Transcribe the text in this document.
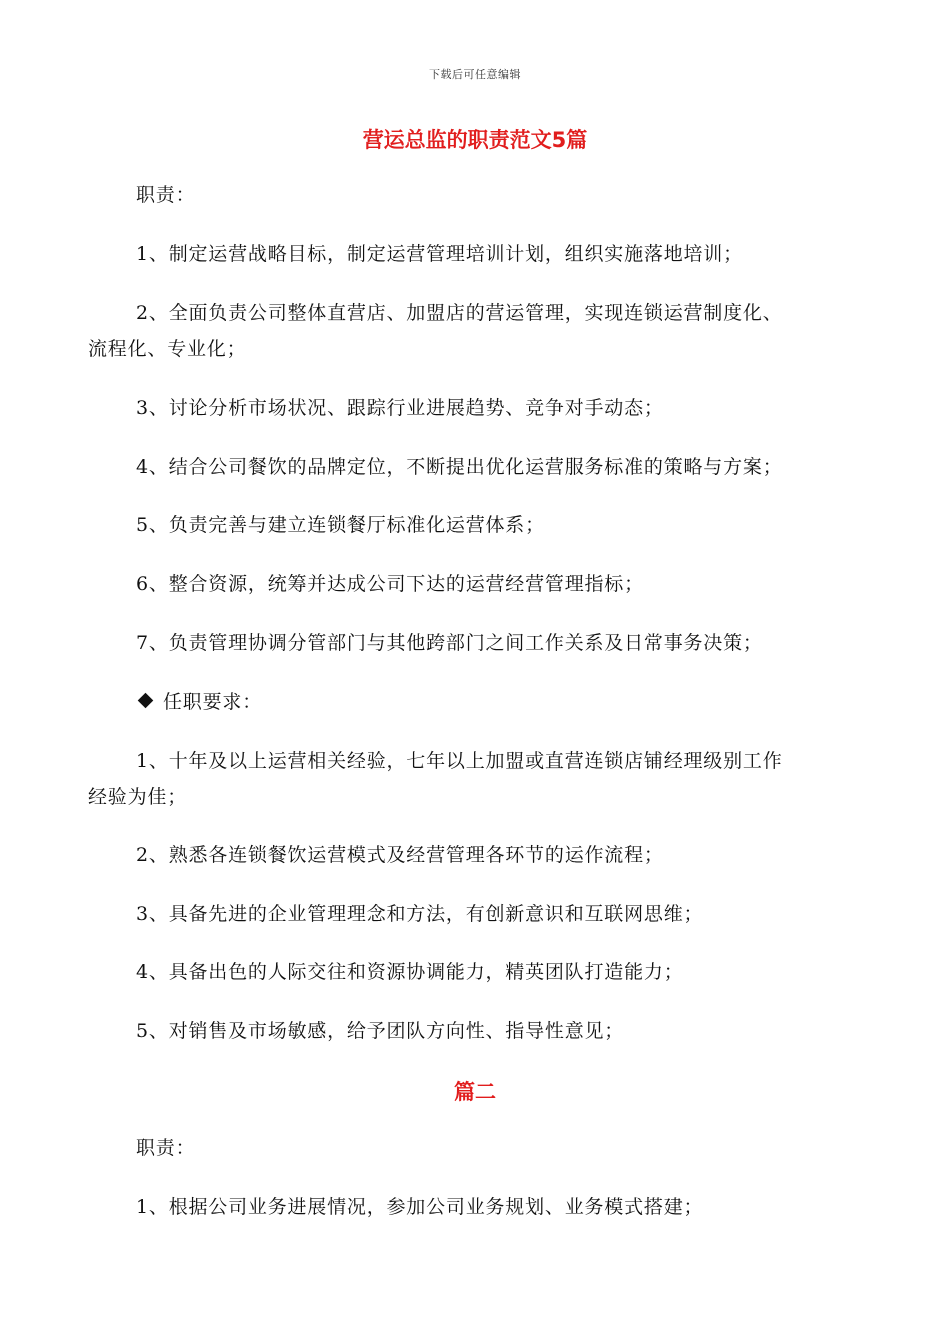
下载后可任意编辑
营运总监的职责范文5篇
职责：
1、制定运营战略目标，制定运营管理培训计划，组织实施落地培训；
2、全面负责公司整体直营店、加盟店的营运管理，实现连锁运营制度化、
流程化、专业化；
3、讨论分析市场状况、跟踪行业进展趋势、竞争对手动态；
4、结合公司餐饮的品牌定位，不断提出优化运营服务标准的策略与方案；
5、负责完善与建立连锁餐厅标准化运营体系；
6、整合资源，统筹并达成公司下达的运营经营管理指标；
7、负责管理协调分管部门与其他跨部门之间工作关系及日常事务决策；
任职要求：
1、十年及以上运营相关经验，七年以上加盟或直营连锁店铺经理级别工作
经验为佳；
2、熟悉各连锁餐饮运营模式及经营管理各环节的运作流程；
3、具备先进的企业管理理念和方法，有创新意识和互联网思维；
4、具备出色的人际交往和资源协调能力，精英团队打造能力；
5、对销售及市场敏感，给予团队方向性、指导性意见；
篇二
职责：
1、根据公司业务进展情况，参加公司业务规划、业务模式搭建；
